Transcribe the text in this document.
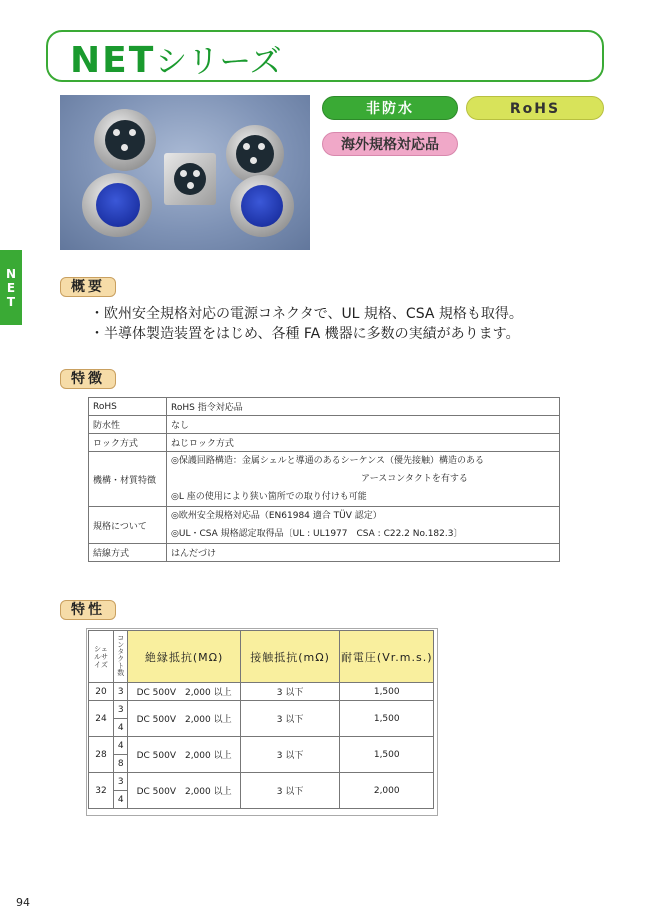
NETシリーズ
非防水	RoHS
海外規格対応品
N
E
T
概要
・欧州安全規格対応の電源コネクタで、UL 規格、CSA 規格も取得。
・半導体製造装置をはじめ、各種 FA 機器に多数の実績があります。
特徴
RoHS	RoHS 指令対応品
防水性	なし
ロック方式	ねじロック方式
機構・材質特徴	◎保護回路構造：金属シェルと導通のあるシーケンス（優先接触）構造のある
アースコンタクトを有する
◎L 座の使用により狭い箇所での取り付けも可能

規格について	◎欧州安全規格対応品（EN61984 適合 TÜV 認定）
◎UL・CSA 規格認定取得品〔UL : UL1977　CSA : C22.2 No.182.3〕

結線方式	はんだづけ
特性
シェルサイズ	コンタクト数	絶縁抵抗(MΩ)	接触抵抗(mΩ)	耐電圧(Vr.m.s.)
20	3	DC 500V　2,000 以上	3 以下	1,500
24	3	DC 500V　2,000 以上	3 以下	1,500
	4			
28	4	DC 500V　2,000 以上	3 以下	1,500
	8			
32	3	DC 500V　2,000 以上	3 以下	2,000
	4			
94
